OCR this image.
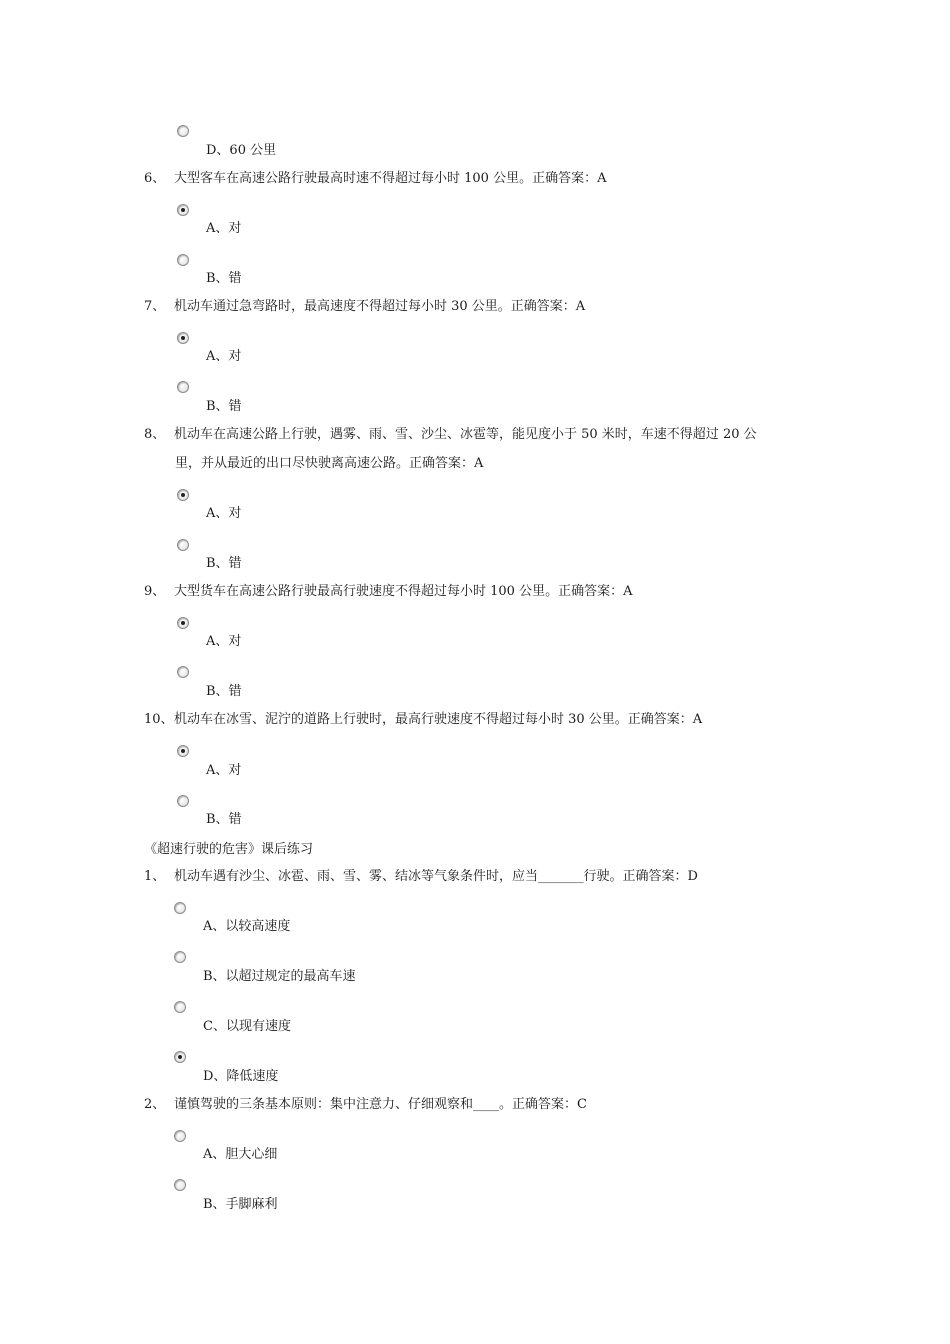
D、60 公里
6、 大型客车在高速公路行驶最高时速不得超过每小时 100 公里。正确答案：A
A、对
B、错
7、 机动车通过急弯路时，最高速度不得超过每小时 30 公里。正确答案：A
A、对
B、错
8、 机动车在高速公路上行驶，遇雾、雨、雪、沙尘、冰雹等，能见度小于 50 米时，车速不得超过 20 公
里，并从最近的出口尽快驶离高速公路。正确答案：A
A、对
B、错
9、 大型货车在高速公路行驶最高行驶速度不得超过每小时 100 公里。正确答案：A
A、对
B、错
10、机动车在冰雪、泥泞的道路上行驶时，最高行驶速度不得超过每小时 30 公里。正确答案：A
A、对
B、错
《超速行驶的危害》课后练习
1、 机动车遇有沙尘、冰雹、雨、雪、雾、结冰等气象条件时，应当_______行驶。正确答案：D
A、以较高速度
B、以超过规定的最高车速
C、以现有速度
D、降低速度
2、 谨慎驾驶的三条基本原则：集中注意力、仔细观察和____。正确答案：C
A、胆大心细
B、手脚麻利
